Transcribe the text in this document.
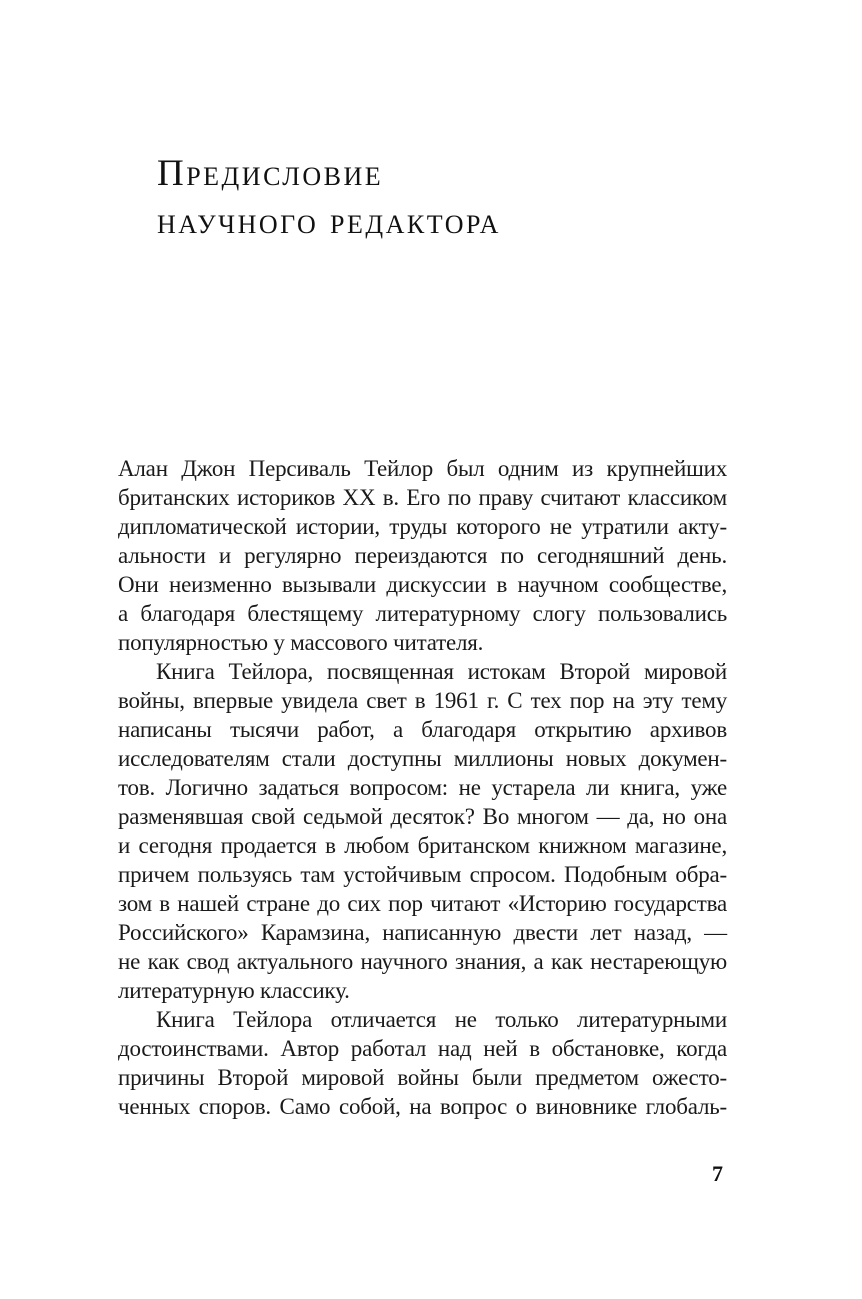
Предисловие
научного редактора
Алан Джон Персиваль Тейлор был одним из крупнейших
британских историков XX в. Его по праву считают классиком
дипломатической истории, труды которого не утратили акту-
альности и регулярно переиздаются по сегодняшний день.
Они неизменно вызывали дискуссии в научном сообществе,
а благодаря блестящему литературному слогу пользовались
популярностью у массового читателя.
Книга Тейлора, посвященная истокам Второй мировой
войны, впервые увидела свет в 1961 г. С тех пор на эту тему
написаны тысячи работ, а благодаря открытию архивов
исследователям стали доступны миллионы новых докумен-
тов. Логично задаться вопросом: не устарела ли книга, уже
разменявшая свой седьмой десяток? Во многом — да, но она
и сегодня продается в любом британском книжном магазине,
причем пользуясь там устойчивым спросом. Подобным обра-
зом в нашей стране до сих пор читают «Историю государства
Российского» Карамзина, написанную двести лет назад, —
не как свод актуального научного знания, а как нестареющую
литературную классику.
Книга Тейлора отличается не только литературными
достоинствами. Автор работал над ней в обстановке, когда
причины Второй мировой войны были предметом ожесто-
ченных споров. Само собой, на вопрос о виновнике глобаль-
7
